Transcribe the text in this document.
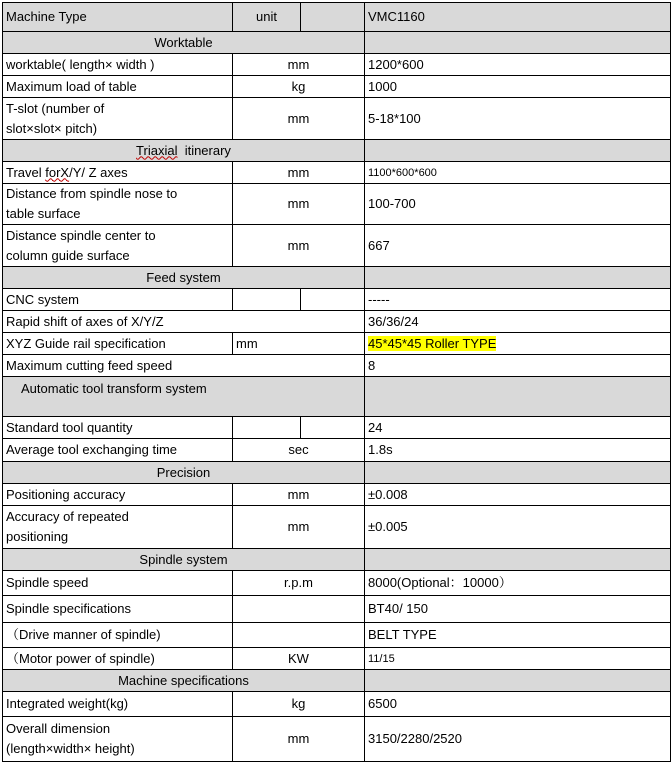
Machine Type	unit		VMC1160
Worktable			
worktable( length× width )	mm		1200*600
Maximum load of table	kg		1000

T-slot (number of
slot×slot× pitch)	mm		5-18*100
Triaxial  itinerary			
Travel forX/Y/ Z axes	mm		1100*600*600

Distance from spindle nose to
table surface	mm		100-700

Distance spindle center to
column guide surface	mm		667
Feed system			
CNC system			-----
Rapid shift of axes of X/Y/Z			36/36/24
XYZ Guide rail specification	mm		45*45*45 Roller TYPE
Maximum cutting feed speed			8
Automatic tool transform system			
Standard tool quantity			24
Average tool exchanging time	sec		1.8s
Precision			
Positioning accuracy	mm		±0.008

Accuracy of repeated
positioning	mm		±0.005
Spindle system			
Spindle speed	r.p.m		8000(Optional：10000）
Spindle specifications			BT40/ 150
（Drive manner of spindle)			BELT TYPE
（Motor power of spindle)	KW		11/15
Machine specifications			
Integrated weight(kg)	kg		6500

Overall dimension
(length×width× height)	mm		3150/2280/2520
